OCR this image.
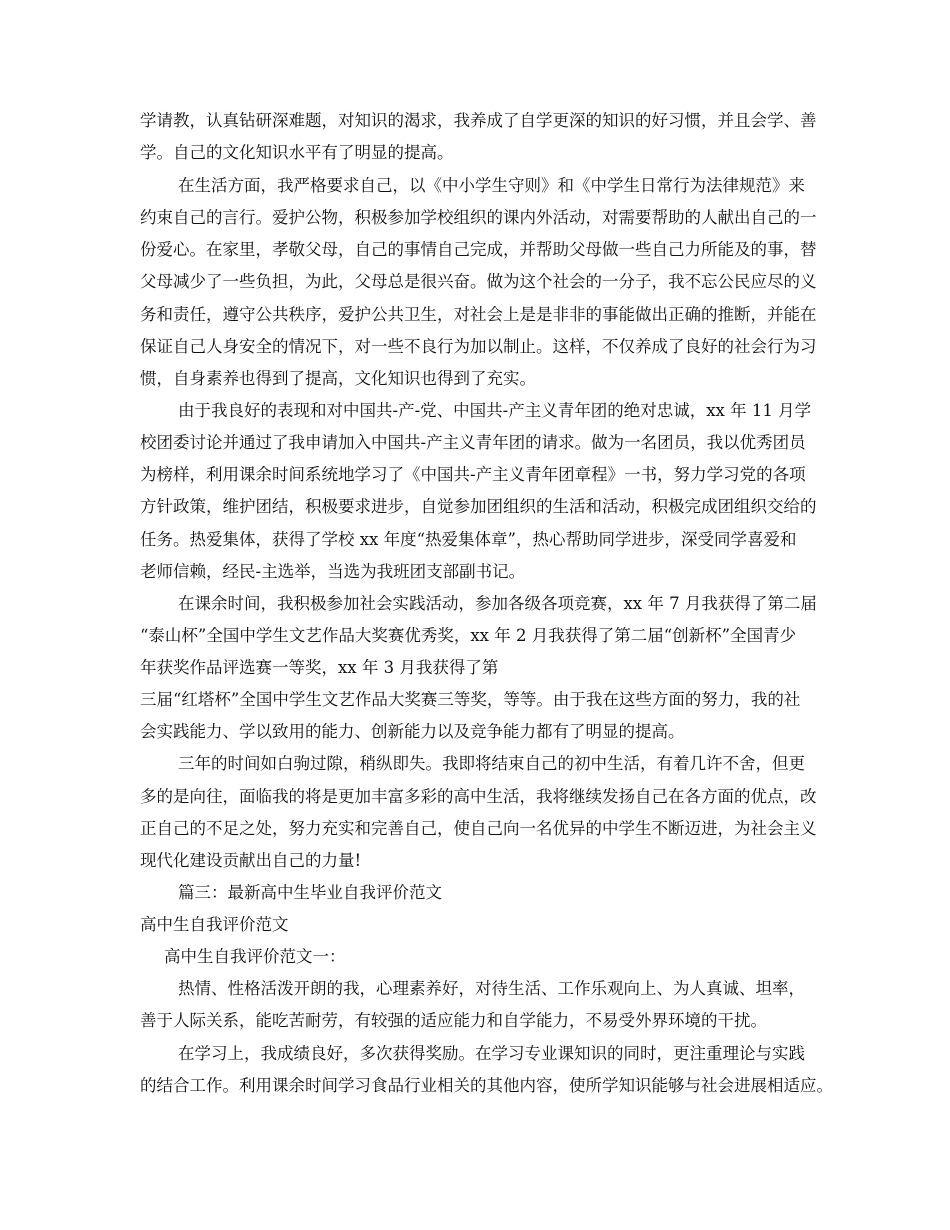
学请教，认真钻研深难题，对知识的渴求，我养成了自学更深的知识的好习惯，并且会学、善
学。自己的文化知识水平有了明显的提高。
在生活方面，我严格要求自己，以《中小学生守则》和《中学生日常行为法律规范》来
约束自己的言行。爱护公物，积极参加学校组织的课内外活动，对需要帮助的人献出自己的一
份爱心。在家里，孝敬父母，自己的事情自己完成，并帮助父母做一些自己力所能及的事，替
父母减少了一些负担，为此，父母总是很兴奋。做为这个社会的一分子，我不忘公民应尽的义
务和责任，遵守公共秩序，爱护公共卫生，对社会上是是非非的事能做出正确的推断，并能在
保证自己人身安全的情况下，对一些不良行为加以制止。这样，不仅养成了良好的社会行为习
惯，自身素养也得到了提高，文化知识也得到了充实。
由于我良好的表现和对中国共-产-党、中国共-产主义青年团的绝对忠诚，xx 年 11 月学
校团委讨论并通过了我申请加入中国共-产主义青年团的请求。做为一名团员，我以优秀团员
为榜样，利用课余时间系统地学习了《中国共-产主义青年团章程》一书，努力学习党的各项
方针政策，维护团结，积极要求进步，自觉参加团组织的生活和活动，积极完成团组织交给的
任务。热爱集体，获得了学校 xx 年度“热爱集体章”，热心帮助同学进步，深受同学喜爱和
老师信赖，经民-主选举，当选为我班团支部副书记。
在课余时间，我积极参加社会实践活动，参加各级各项竞赛，xx 年 7 月我获得了第二届
“泰山杯”全国中学生文艺作品大奖赛优秀奖，xx 年 2 月我获得了第二届“创新杯”全国青少
年获奖作品评选赛一等奖，xx 年 3 月我获得了第
三届“红塔杯”全国中学生文艺作品大奖赛三等奖，等等。由于我在这些方面的努力，我的社
会实践能力、学以致用的能力、创新能力以及竞争能力都有了明显的提高。
三年的时间如白驹过隙，稍纵即失。我即将结束自己的初中生活，有着几许不舍，但更
多的是向往，面临我的将是更加丰富多彩的高中生活，我将继续发扬自己在各方面的优点，改
正自己的不足之处，努力充实和完善自己，使自己向一名优异的中学生不断迈进，为社会主义
现代化建设贡献出自己的力量!
篇三：最新高中生毕业自我评价范文
高中生自我评价范文
高中生自我评价范文一：
热情、性格活泼开朗的我，心理素养好，对待生活、工作乐观向上、为人真诚、坦率，
善于人际关系，能吃苦耐劳，有较强的适应能力和自学能力，不易受外界环境的干扰。
在学习上，我成绩良好，多次获得奖励。在学习专业课知识的同时，更注重理论与实践
的结合工作。利用课余时间学习食品行业相关的其他内容，使所学知识能够与社会进展相适应。
